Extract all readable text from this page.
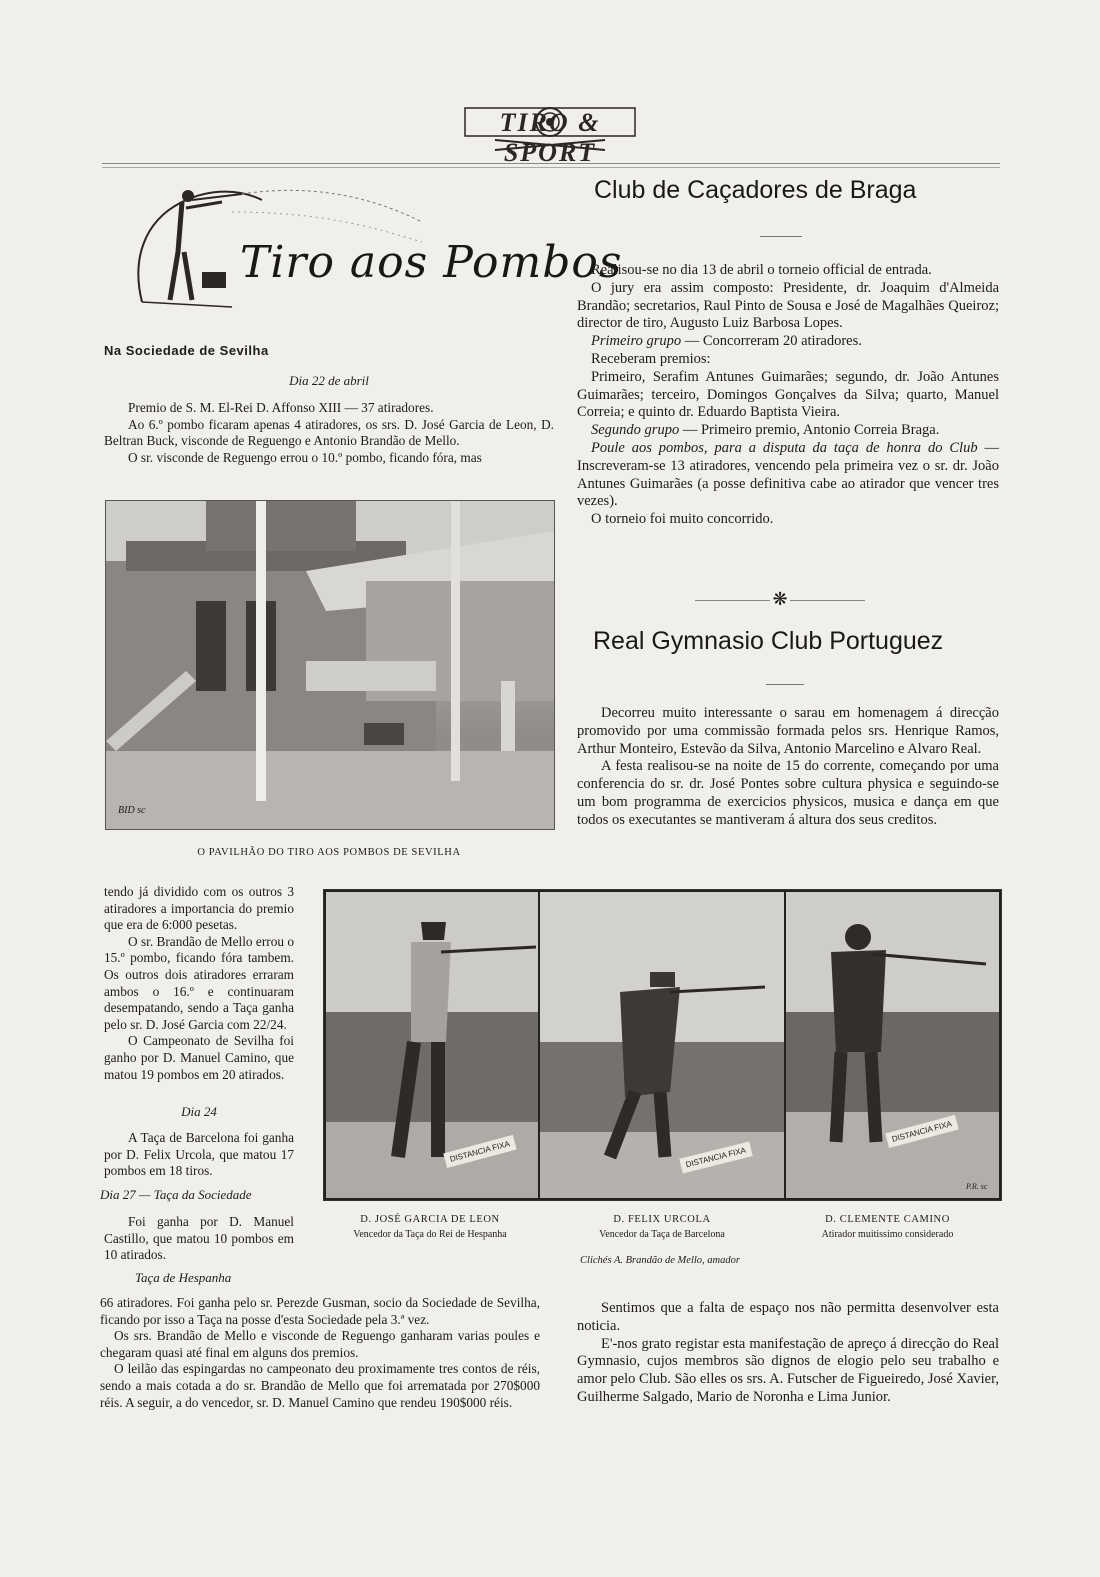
TIRO & SPORT
Tiro aos Pombos
Na Sociedade de Sevilha
Dia 22 de abril

Premio de S. M. El-Rei D. Affonso XIII — 37 atiradores.

Ao 6.º pombo ficaram apenas 4 atiradores, os srs. D. José Garcia de Leon, D. Beltran Buck, visconde de Reguengo e Antonio Brandão de Mello.

O sr. visconde de Reguengo errou o 10.º pombo, ficando fóra, mas

BID sc
O PAVILHÃO DO TIRO AOS POMBOS DE SEVILHA

tendo já dividido com os outros 3 atiradores a importancia do premio que era de 6:000 pesetas.

O sr. Brandão de Mello errou o 15.º pombo, ficando fóra tambem. Os outros dois atiradores erraram ambos o 16.º e continuaram desempatando, sendo a Taça ganha pelo sr. D. José Garcia com 22/24.

O Campeonato de Sevilha foi ganho por D. Manuel Camino, que matou 19 pombos em 20 atirados.

Dia 24

A Taça de Barcelona foi ganha por D. Felix Urcola, que matou 17 pombos em 18 tiros.

Dia 27 — Taça da Sociedade

Foi ganha por D. Manuel Castillo, que matou 10 pombos em 10 atirados.

Taça de Hespanha

66 atiradores. Foi ganha pelo sr. Perezde Gusman, socio da Sociedade de Sevilha, ficando por isso a Taça na posse d'esta Sociedade pela 3.ª vez.

Os srs. Brandão de Mello e visconde de Reguengo ganharam varias poules e chegaram quasi até final em alguns dos premios.

O leilão das espingardas no campeonato deu proximamente tres contos de réis, sendo a mais cotada a do sr. Brandão de Mello que foi arrematada por 270$000 réis. A seguir, a do vencedor, sr. D. Manuel Camino que rendeu 190$000 réis.

Club de Caçadores de Braga

Realisou-se no dia 13 de abril o torneio official de entrada.

O jury era assim composto: Presidente, dr. Joaquim d'Almeida Brandão; secretarios, Raul Pinto de Sousa e José de Magalhães Queiroz; director de tiro, Augusto Luiz Barbosa Lopes.

Primeiro grupo — Concorreram 20 atiradores.

Receberam premios:

Primeiro, Serafim Antunes Guimarães; segundo, dr. João Antunes Guimarães; terceiro, Domingos Gonçalves da Silva; quarto, Manuel Correia; e quinto dr. Eduardo Baptista Vieira.

Segundo grupo — Primeiro premio, Antonio Correia Braga.

Poule aos pombos, para a disputa da taça de honra do Club — Inscreveram-se 13 atiradores, vencendo pela primeira vez o sr. dr. João Antunes Guimarães (a posse definitiva cabe ao atirador que vencer tres vezes).

O torneio foi muito concorrido.

❋
Real Gymnasio Club Portuguez

Decorreu muito interessante o sarau em homenagem á direcção promovido por uma commissão formada pelos srs. Henrique Ramos, Arthur Monteiro, Estevão da Silva, Antonio Marcelino e Alvaro Real.

A festa realisou-se na noite de 15 do corrente, começando por uma conferencia do sr. dr. José Pontes sobre cultura physica e seguindo-se um bom programma de exercicios physicos, musica e dança em que todos os executantes se mantiveram á altura dos seus creditos.

DISTANCIA FIXA	DISTANCIA FIXA
DISTANCIA FIXA
P.R. sc
D. JOSÉ GARCIA DE LEON
Vencedor da Taça do Rei de Hespanha
D. FELIX URCOLA
Vencedor da Taça de Barcelona
D. CLEMENTE CAMINO
Atirador muitissimo considerado
Clichés A. Brandão de Mello, amador

Sentimos que a falta de espaço nos não permitta desenvolver esta noticia.

E'-nos grato registar esta manifestação de apreço á direcção do Real Gymnasio, cujos membros são dignos de elogio pelo seu trabalho e amor pelo Club. São elles os srs. A. Futscher de Figueiredo, José Xavier, Guilherme Salgado, Mario de Noronha e Lima Junior.
